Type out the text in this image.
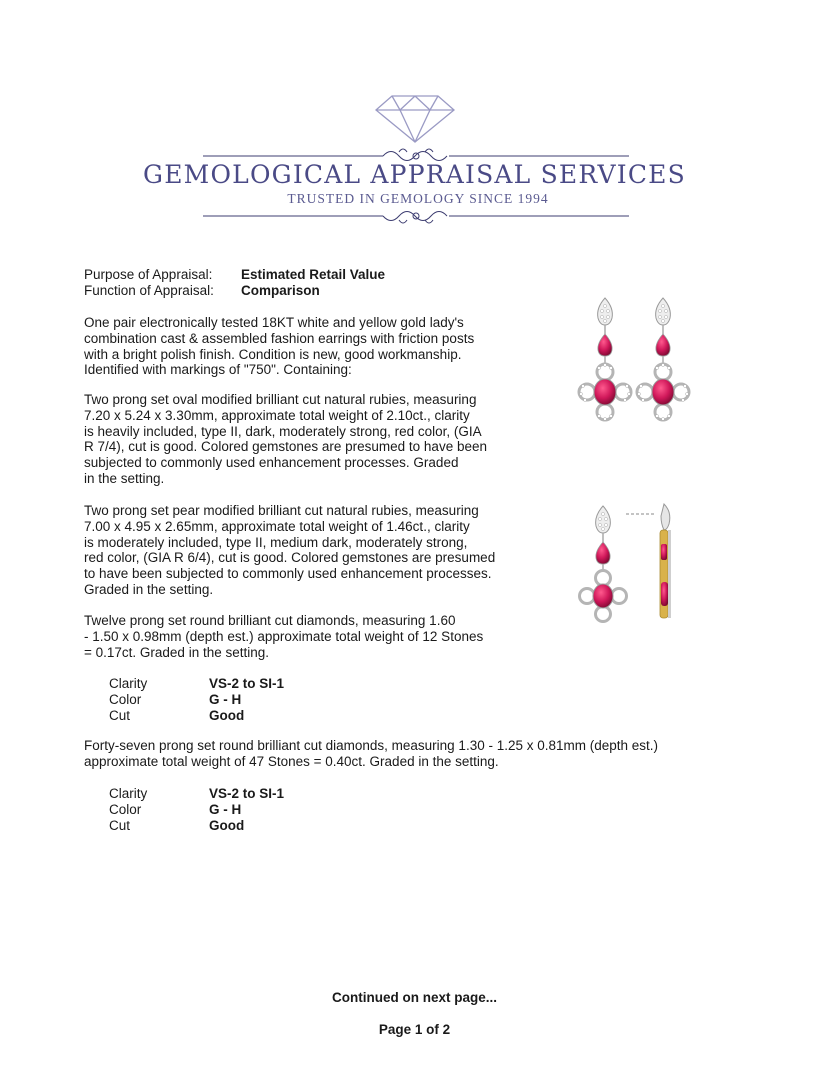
GEMOLOGICAL APPRAISAL SERVICES
TRUSTED IN GEMOLOGY SINCE 1994
Purpose of Appraisal: Estimated Retail Value
Function of Appraisal: Comparison
One pair electronically tested 18KT white and yellow gold lady's
combination cast & assembled fashion earrings with friction posts
with a bright polish finish. Condition is new, good workmanship.
Identified with markings of "750". Containing:
Two prong set oval modified brilliant cut natural rubies, measuring
7.20 x 5.24 x 3.30mm, approximate total weight of 2.10ct., clarity
is heavily included, type II, dark, moderately strong, red color, (GIA
R 7/4), cut is good. Colored gemstones are presumed to have been
subjected to commonly used enhancement processes. Graded
in the setting.
Two prong set pear modified brilliant cut natural rubies, measuring
7.00 x 4.95 x 2.65mm, approximate total weight of 1.46ct., clarity
is moderately included, type II, medium dark, moderately strong,
red color, (GIA R 6/4), cut is good. Colored gemstones are presumed
to have been subjected to commonly used enhancement processes.
Graded in the setting.
Twelve prong set round brilliant cut diamonds, measuring 1.60
- 1.50 x 0.98mm (depth est.) approximate total weight of 12 Stones
= 0.17ct. Graded in the setting.
Clarity
Color
Cut
VS-2 to SI-1
G - H
Good
Forty-seven prong set round brilliant cut diamonds, measuring 1.30 - 1.25 x 0.81mm (depth est.)
approximate total weight of 47 Stones = 0.40ct. Graded in the setting.
Clarity
Color
Cut
VS-2 to SI-1
G - H
Good
Continued on next page...
Page 1 of 2
